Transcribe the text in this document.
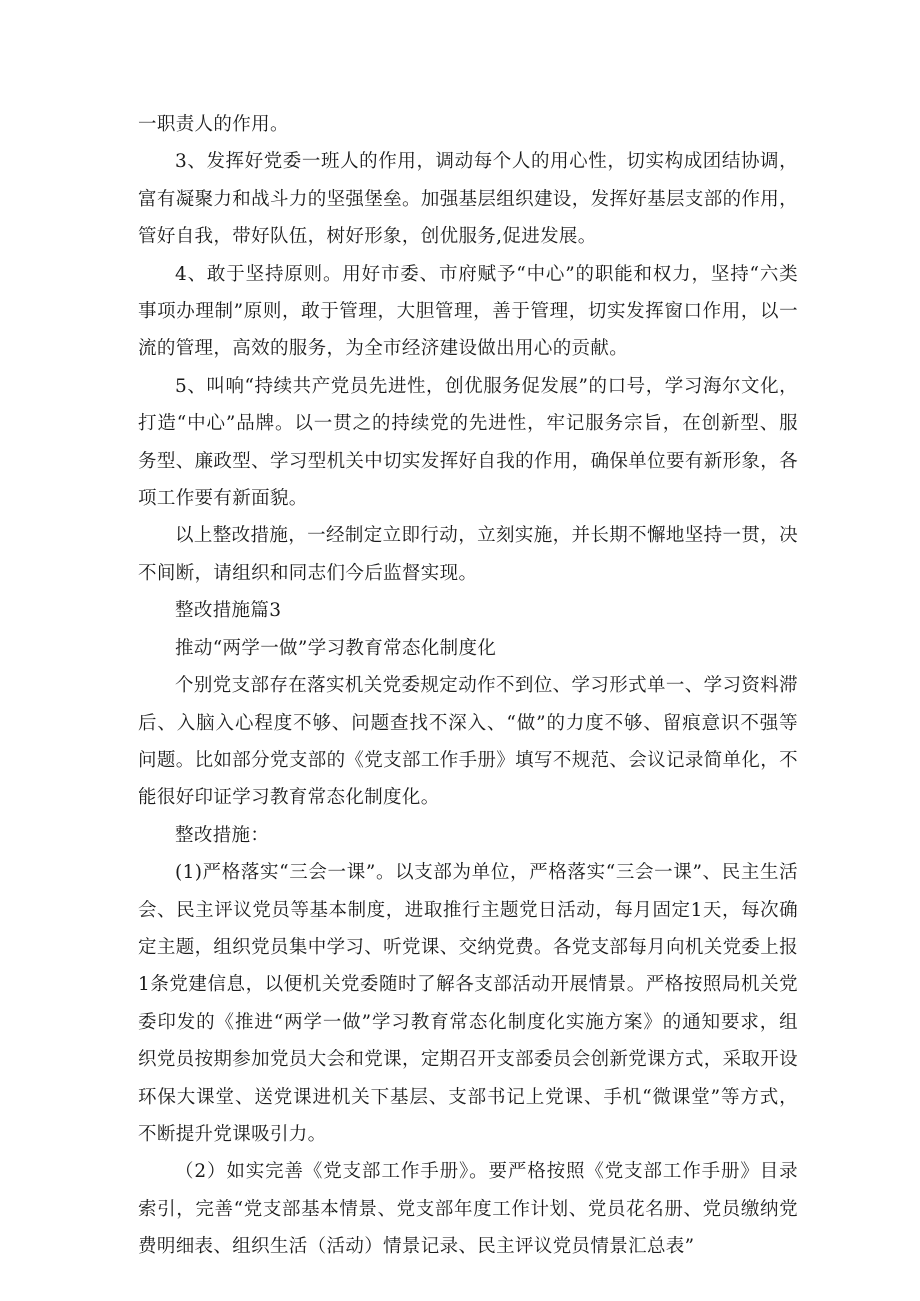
一职责人的作用。

3、发挥好党委一班人的作用，调动每个人的用心性，切实构成团结协调，富有凝聚力和战斗力的坚强堡垒。加强基层组织建设，发挥好基层支部的作用，管好自我，带好队伍，树好形象，创优服务,促进发展。

4、敢于坚持原则。用好市委、市府赋予“中心”的职能和权力，坚持“六类事项办理制”原则，敢于管理，大胆管理，善于管理，切实发挥窗口作用，以一流的管理，高效的服务，为全市经济建设做出用心的贡献。

5、叫响“持续共产党员先进性，创优服务促发展”的口号，学习海尔文化，打造“中心”品牌。以一贯之的持续党的先进性，牢记服务宗旨，在创新型、服务型、廉政型、学习型机关中切实发挥好自我的作用，确保单位要有新形象，各项工作要有新面貌。

以上整改措施，一经制定立即行动，立刻实施，并长期不懈地坚持一贯，决不间断，请组织和同志们今后监督实现。

整改措施篇3

推动“两学一做”学习教育常态化制度化

个别党支部存在落实机关党委规定动作不到位、学习形式单一、学习资料滞后、入脑入心程度不够、问题查找不深入、“做”的力度不够、留痕意识不强等问题。比如部分党支部的《党支部工作手册》填写不规范、会议记录简单化，不能很好印证学习教育常态化制度化。

整改措施：

(1)严格落实“三会一课”。以支部为单位，严格落实“三会一课”、民主生活会、民主评议党员等基本制度，进取推行主题党日活动，每月固定1天，每次确定主题，组织党员集中学习、听党课、交纳党费。各党支部每月向机关党委上报1条党建信息，以便机关党委随时了解各支部活动开展情景。严格按照局机关党委印发的《推进“两学一做”学习教育常态化制度化实施方案》的通知要求，组织党员按期参加党员大会和党课，定期召开支部委员会创新党课方式，采取开设环保大课堂、送党课进机关下基层、支部书记上党课、手机“微课堂”等方式，不断提升党课吸引力。

（2）如实完善《党支部工作手册》。要严格按照《党支部工作手册》目录索引，完善“党支部基本情景、党支部年度工作计划、党员花名册、党员缴纳党费明细表、组织生活（活动）情景记录、民主评议党员情景汇总表”
